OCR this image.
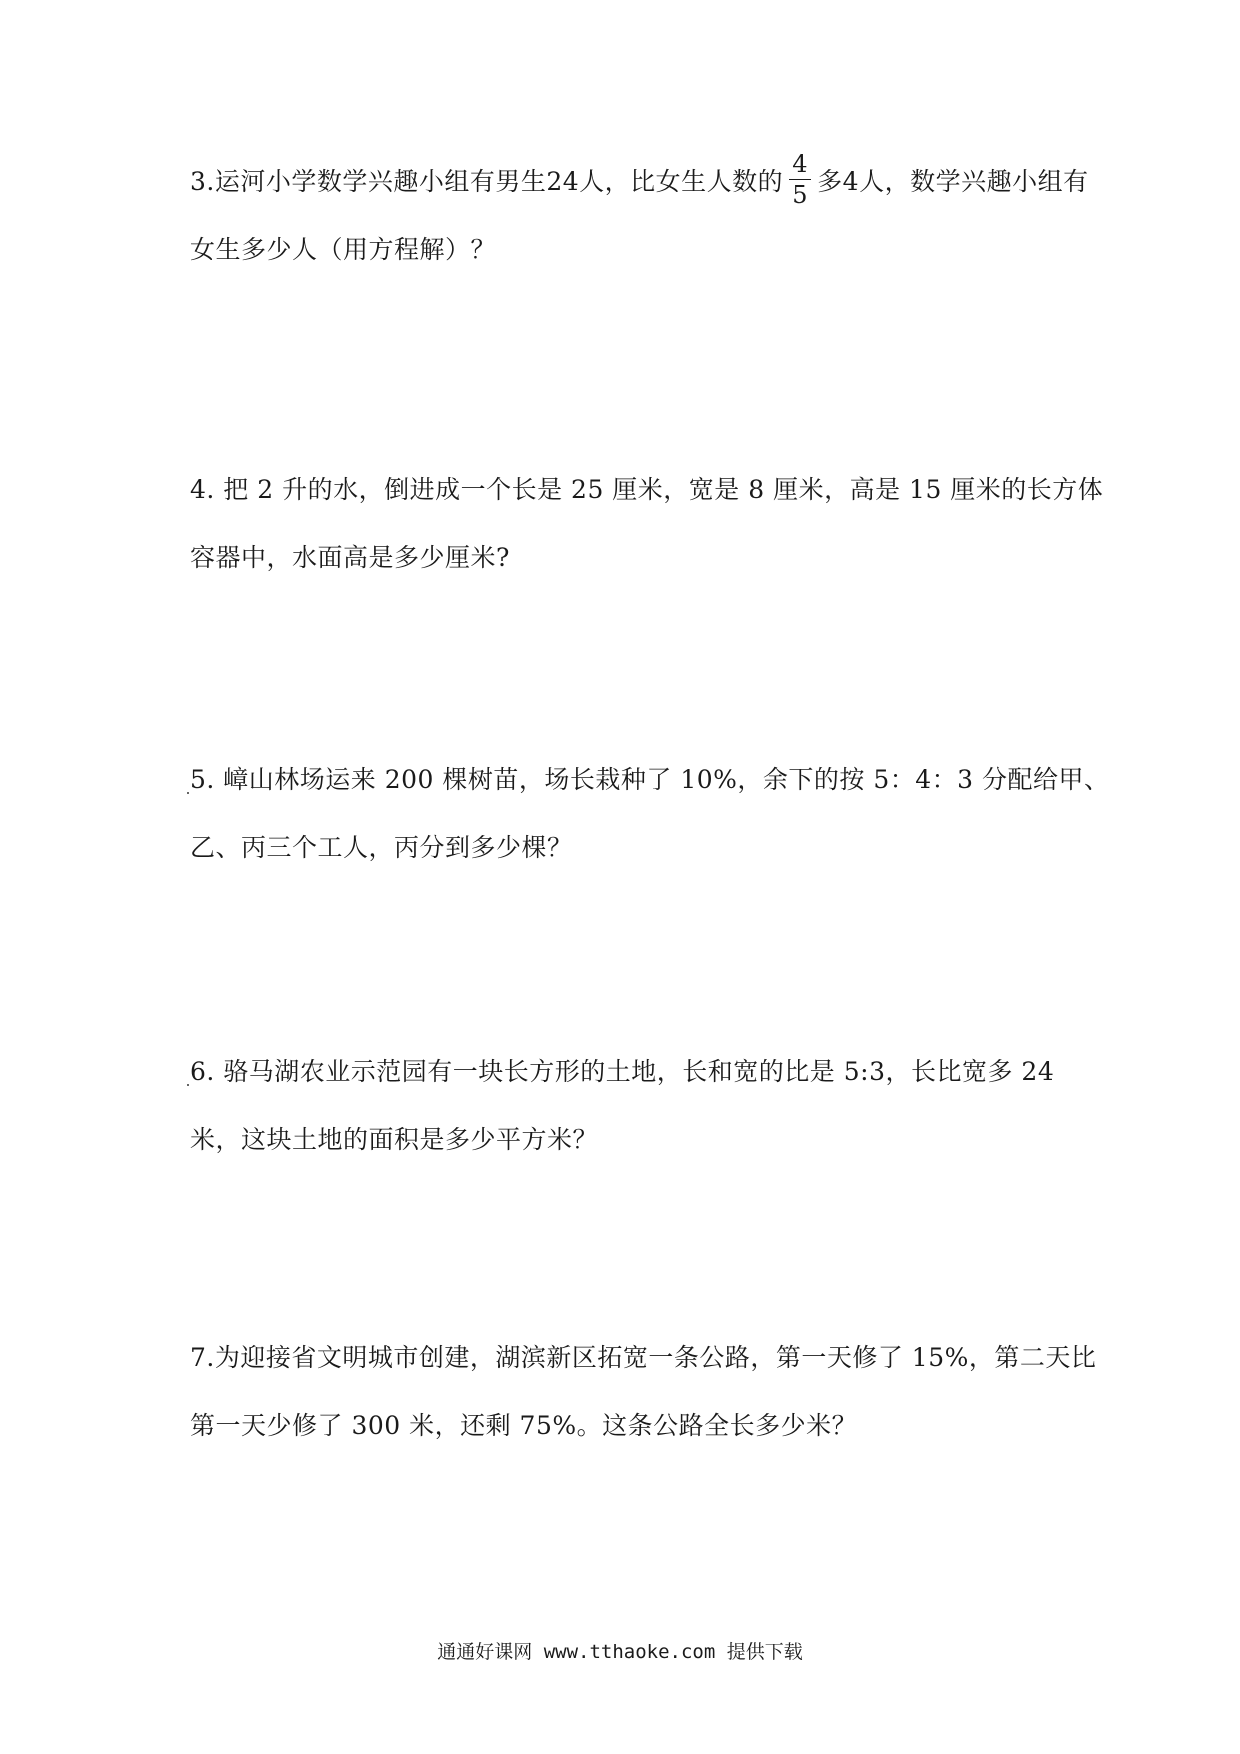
3.运河小学数学兴趣小组有男生24人，比女生人数的 $\frac{4}{5}$ 多4人，数学兴趣小组有
女生多少人（用方程解）？
4. 把 2 升的水，倒进成一个长是 25 厘米，宽是 8 厘米，高是 15 厘米的长方体
容器中，水面高是多少厘米?
5. 嶂山林场运来 200 棵树苗，场长栽种了 10%，余下的按 5：4：3 分配给甲、
乙、丙三个工人，丙分到多少棵？
6. 骆马湖农业示范园有一块长方形的土地，长和宽的比是 5:3，长比宽多 24
米，这块土地的面积是多少平方米？
7.为迎接省文明城市创建，湖滨新区拓宽一条公路，第一天修了 15%，第二天比
第一天少修了 300 米，还剩 75%。这条公路全长多少米？
通通好课网 www.tthaoke.com 提供下载
